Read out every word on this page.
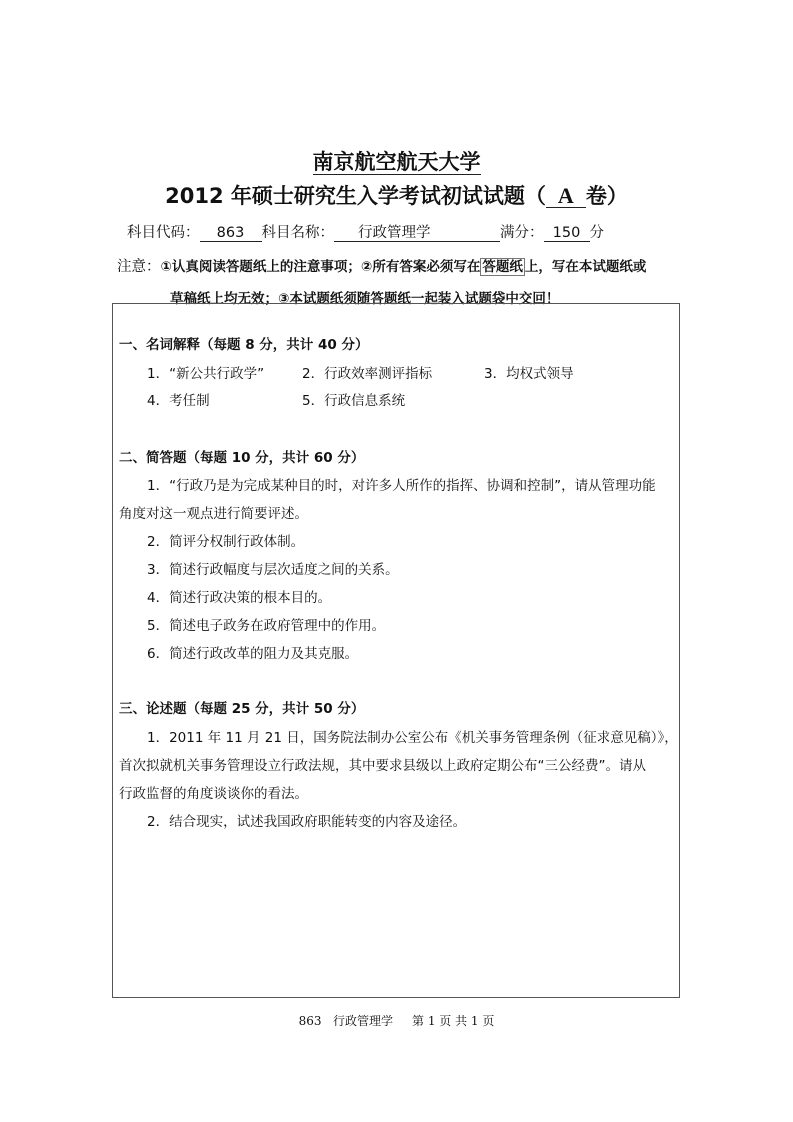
南京航空航天大学
2012 年硕士研究生入学考试初试试题（ A 卷）
科目代码： 863 科目名称： 行政管理学	满分： 150 分
注意：①认真阅读答题纸上的注意事项；②所有答案必须写在 答题纸 上，写在本试题纸或
草稿纸上均无效；③本试题纸须随答题纸一起装入试题袋中交回！
一、名词解释（每题 8 分，共计 40 分）
1．“新公共行政学”	2．行政效率测评指标	3．均权式领导
4．考任制	5．行政信息系统
二、简答题（每题 10 分，共计 60 分）
1．“行政乃是为完成某种目的时，对许多人所作的指挥、协调和控制”，请从管理功能
角度对这一观点进行简要评述。
2．简评分权制行政体制。
3．简述行政幅度与层次适度之间的关系。
4．简述行政决策的根本目的。
5．简述电子政务在政府管理中的作用。
6．简述行政改革的阻力及其克服。
三、论述题（每题 25 分，共计 50 分）
1．2011 年 11 月 21 日，国务院法制办公室公布《机关事务管理条例（征求意见稿）》，
首次拟就机关事务管理设立行政法规，其中要求县级以上政府定期公布“三公经费”。请从
行政监督的角度谈谈你的看法。
2．结合现实，试述我国政府职能转变的内容及途径。
863   行政管理学     第 1 页 共 1 页
